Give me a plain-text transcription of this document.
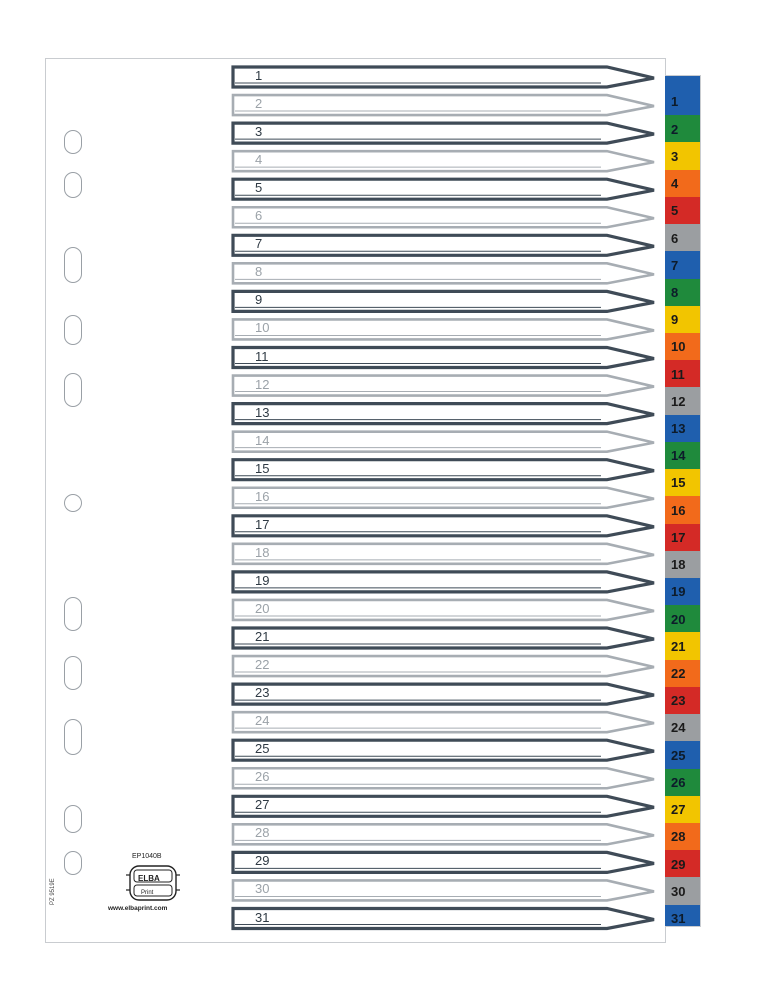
1
2
3
4
5
6
7
8
9
10
11
12
13
14
15
16
17
18
19
20
21
22
23
24
25
26
27
28
29
30
31
1
2
3
4
5
6
7
8
9
10
11
12
13
14
15
16
17
18
19
20
21
22
23
24
25
26
27
28
29
30
31
EP1040B
ELBA
Print
www.elbaprint.com
PZ 9519E
